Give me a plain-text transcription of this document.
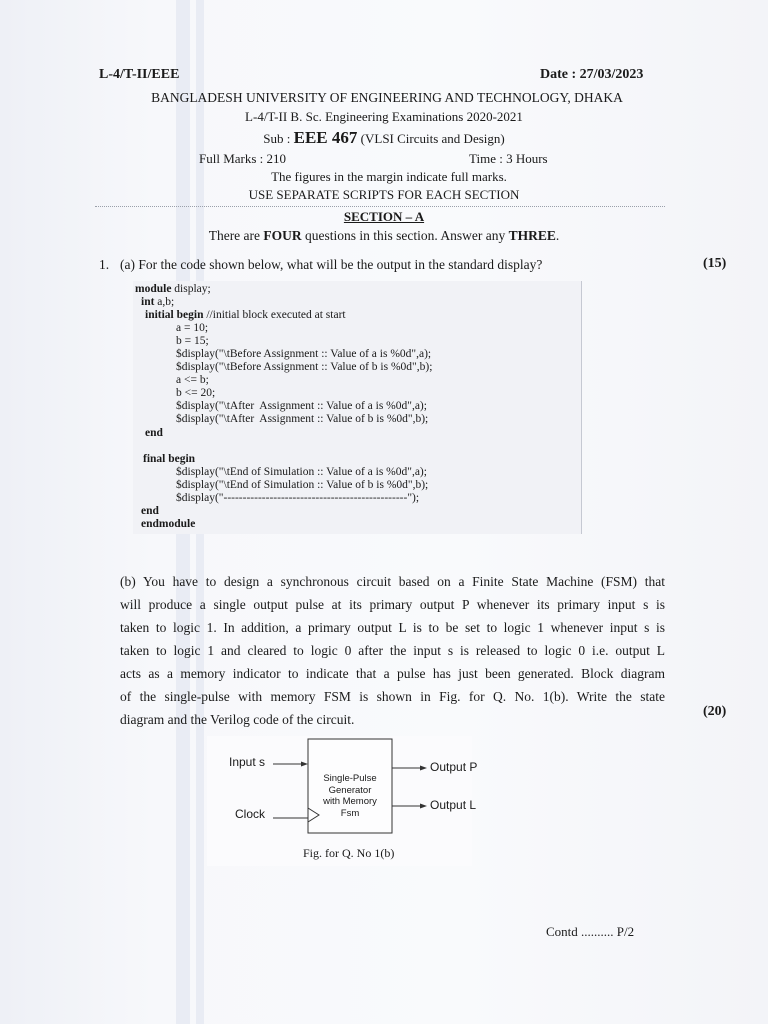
L-4/T-II/EEE	Date : 27/03/2023
BANGLADESH UNIVERSITY OF ENGINEERING AND TECHNOLOGY, DHAKA
L-4/T-II B. Sc. Engineering Examinations 2020-2021
Sub : EEE 467 (VLSI Circuits and Design)
Full Marks : 210	Time : 3 Hours
The figures in the margin indicate full marks.
USE SEPARATE SCRIPTS FOR EACH SECTION
SECTION – A
There are FOUR questions in this section. Answer any THREE.
1. (a) For the code shown below, what will be the output in the standard display?	(15)
module display;
int a,b;
initial begin //initial block executed at start
a = 10;
b = 15;
$display("\tBefore Assignment :: Value of a is %0d",a);
$display("\tBefore Assignment :: Value of b is %0d",b);
a <= b;
b <= 20;
$display("\tAfter  Assignment :: Value of a is %0d",a);
$display("\tAfter  Assignment :: Value of b is %0d",b);
end
final begin
$display("\tEnd of Simulation :: Value of a is %0d",a);
$display("\tEnd of Simulation :: Value of b is %0d",b);
$display("------------------------------------------------");
end
endmodule
(b) You have to design a synchronous circuit based on a Finite State Machine (FSM) that
will produce a single output pulse at its primary output P whenever its primary input s is
taken to logic 1. In addition, a primary output L is to be set to logic 1 whenever input s is
taken to logic 1 and cleared to logic 0 after the input s is released to logic 0 i.e. output L
acts as a memory indicator to indicate that a pulse has just been generated. Block diagram
of the single-pulse with memory FSM is shown in Fig. for Q. No. 1(b). Write the state
diagram and the Verilog code of the circuit.
(20)
Input s
Clock
Single-Pulse
Generator
with Memory
Fsm
Output P
Output L
Fig. for Q. No 1(b)
Contd .......... P/2
